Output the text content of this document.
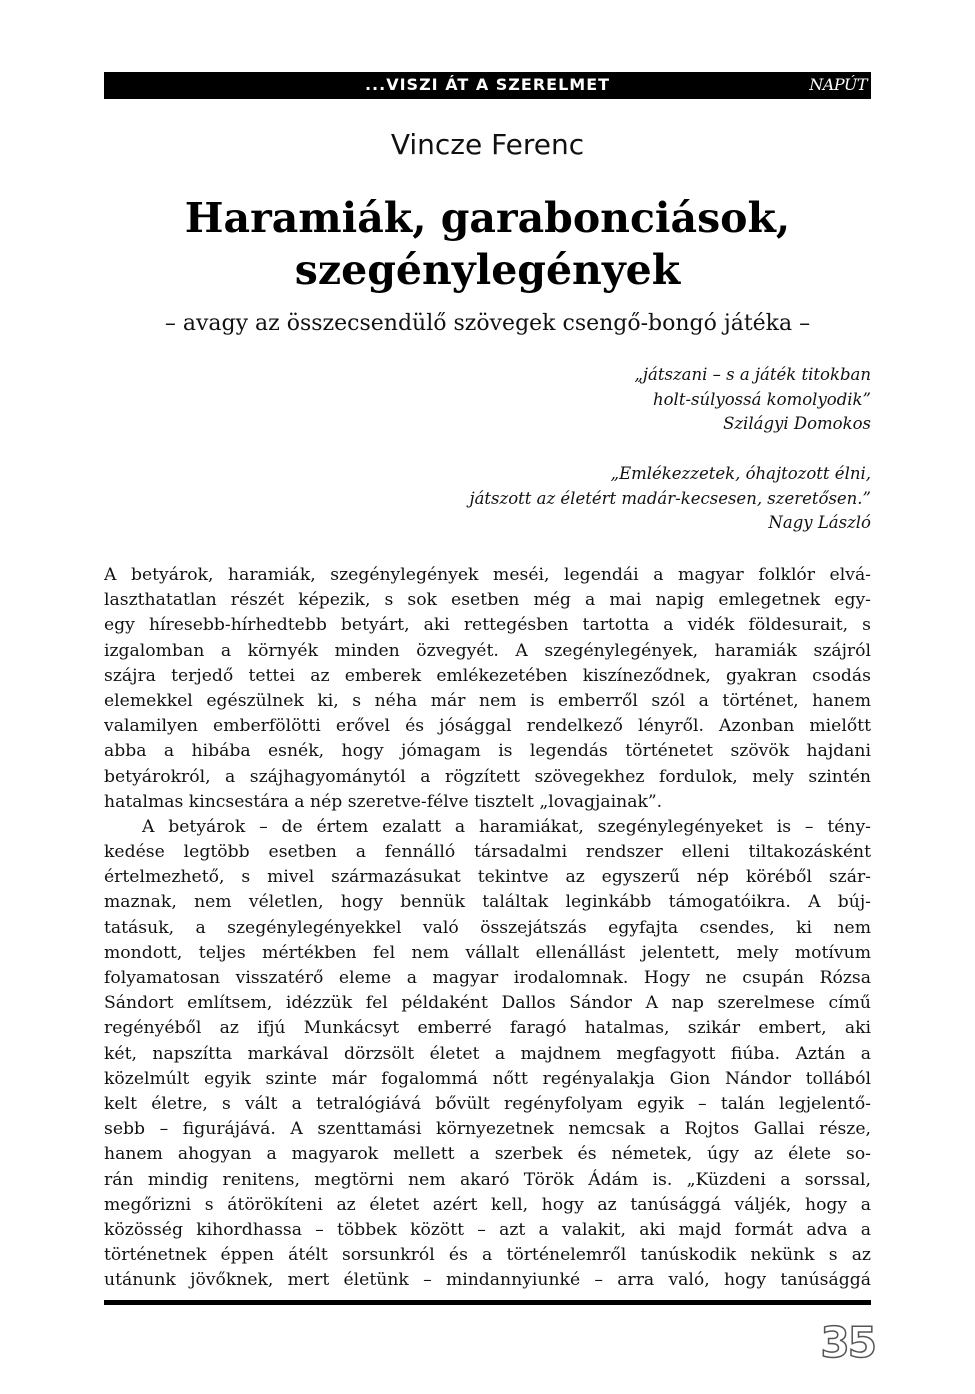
...VISZI ÁT A SZERELMET	NAPÚT
Vincze Ferenc
Haramiák, garabonciások,
szegénylegények
– avagy az összecsendülő szövegek csengő-bongó játéka –
„játszani – s a játék titokban
holt-súlyossá komolyodik”
Szilágyi Domokos
„Emlékezzetek, óhajtozott élni,
játszott az életért madár-kecsesen, szeretősen.”
Nagy László
A betyárok, haramiák, szegénylegények meséi, legendái a magyar folklór elvá-
laszthatatlan részét képezik, s sok esetben még a mai napig emlegetnek egy-
egy híresebb-hírhedtebb betyárt, aki rettegésben tartotta a vidék földesurait, s
izgalomban a környék minden özvegyét. A szegénylegények, haramiák szájról
szájra terjedő tettei az emberek emlékezetében kiszíneződnek, gyakran csodás
elemekkel egészülnek ki, s néha már nem is emberről szól a történet, hanem
valamilyen emberfölötti erővel és jósággal rendelkező lényről. Azonban mielőtt
abba a hibába esnék, hogy jómagam is legendás történetet szövök hajdani
betyárokról, a szájhagyománytól a rögzített szövegekhez fordulok, mely szintén
hatalmas kincsestára a nép szeretve-félve tisztelt „lovagjainak”.
A betyárok – de értem ezalatt a haramiákat, szegénylegényeket is – tény-
kedése legtöbb esetben a fennálló társadalmi rendszer elleni tiltakozásként
értelmezhető, s mivel származásukat tekintve az egyszerű nép köréből szár-
maznak, nem véletlen, hogy bennük találtak leginkább támogatóikra. A búj-
tatásuk, a szegénylegényekkel való összejátszás egyfajta csendes, ki nem
mondott, teljes mértékben fel nem vállalt ellenállást jelentett, mely motívum
folyamatosan visszatérő eleme a magyar irodalomnak. Hogy ne csupán Rózsa
Sándort említsem, idézzük fel példaként Dallos Sándor A nap szerelmese című
regényéből az ifjú Munkácsyt emberré faragó hatalmas, szikár embert, aki
két, napszítta markával dörzsölt életet a majdnem megfagyott fiúba. Aztán a
közelmúlt egyik szinte már fogalommá nőtt regényalakja Gion Nándor tollából
kelt életre, s vált a tetralógiává bővült regényfolyam egyik – talán legjelentő-
sebb – figurájává. A szenttamási környezetnek nemcsak a Rojtos Gallai része,
hanem ahogyan a magyarok mellett a szerbek és németek, úgy az élete so-
rán mindig renitens, megtörni nem akaró Török Ádám is. „Küzdeni a sorssal,
megőrizni s átörökíteni az életet azért kell, hogy az tanúsággá váljék, hogy a
közösség kihordhassa – többek között – azt a valakit, aki majd formát adva a
történetnek éppen átélt sorsunkról és a történelemről tanúskodik nekünk s az
utánunk jövőknek, mert életünk – mindannyiunké – arra való, hogy tanúsággá
35
